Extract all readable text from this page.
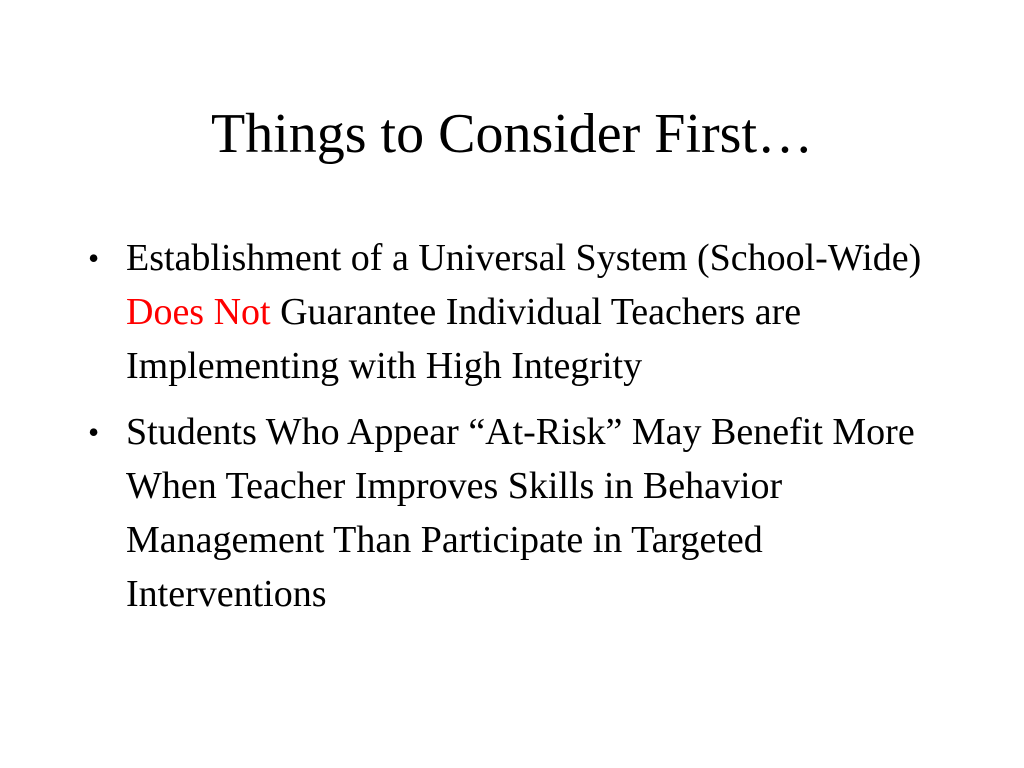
Things to Consider First…
• Establishment of a Universal System (School-Wide) Does Not Guarantee Individual Teachers are Implementing with High Integrity
• Students Who Appear “At-Risk” May Benefit More When Teacher Improves Skills in Behavior Management Than Participate in Targeted Interventions
